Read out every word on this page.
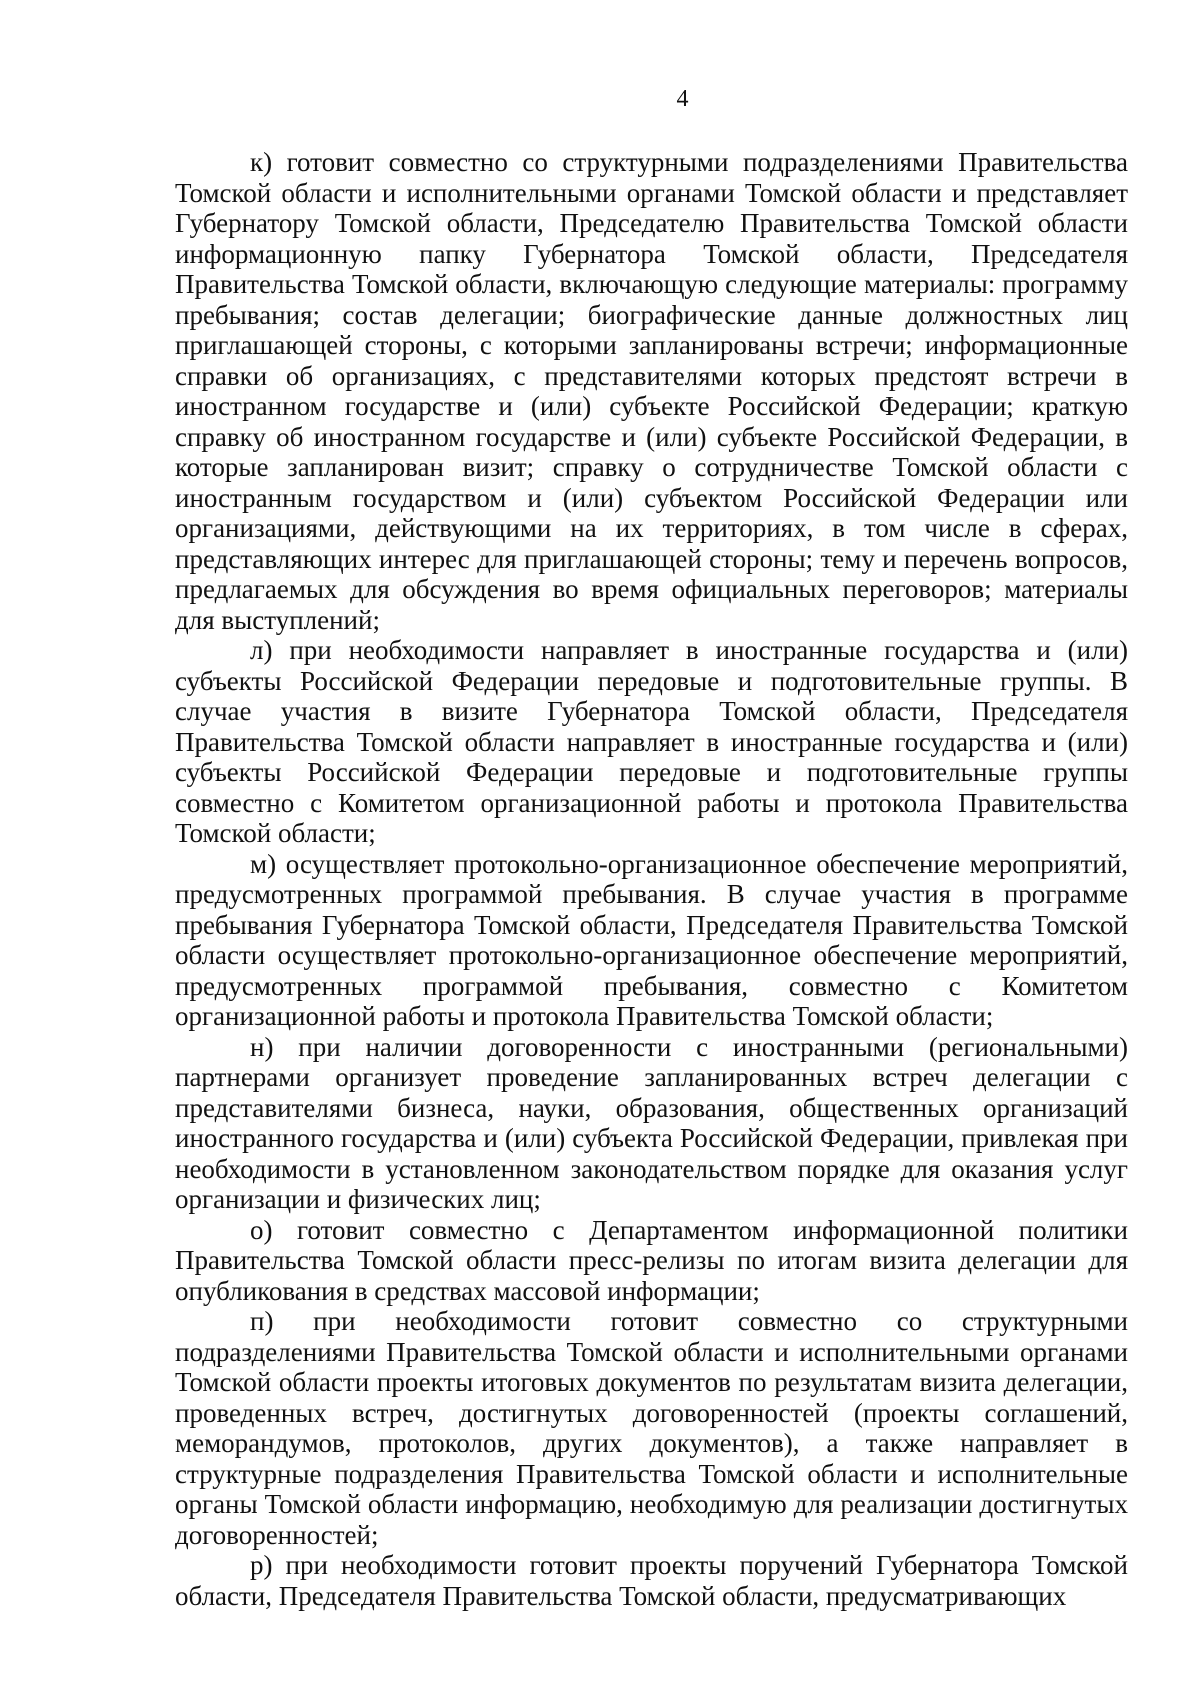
4

к) готовит совместно со структурными подразделениями Правительства Томской области и исполнительными органами Томской области и представляет Губернатору Томской области, Председателю Правительства Томской области информационную папку Губернатора Томской области, Председателя Правительства Томской области, включающую следующие материалы: программу пребывания; состав делегации; биографические данные должностных лиц приглашающей стороны, с которыми запланированы встречи; информационные справки об организациях, с представителями которых предстоят встречи в иностранном государстве и (или) субъекте Российской Федерации; краткую справку об иностранном государстве и (или) субъекте Российской Федерации, в которые запланирован визит; справку о сотрудничестве Томской области с иностранным государством и (или) субъектом Российской Федерации или организациями, действующими на их территориях, в том числе в сферах, представляющих интерес для приглашающей стороны; тему и перечень вопросов, предлагаемых для обсуждения во время официальных переговоров; материалы для выступлений;

л) при необходимости направляет в иностранные государства и (или) субъекты Российской Федерации передовые и подготовительные группы. В случае участия в визите Губернатора Томской области, Председателя Правительства Томской области направляет в иностранные государства и (или) субъекты Российской Федерации передовые и подготовительные группы совместно с Комитетом организационной работы и протокола Правительства Томской области;

м) осуществляет протокольно-организационное обеспечение мероприятий, предусмотренных программой пребывания. В случае участия в программе пребывания Губернатора Томской области, Председателя Правительства Томской области осуществляет протокольно-организационное обеспечение мероприятий, предусмотренных программой пребывания, совместно с Комитетом организационной работы и протокола Правительства Томской области;

н) при наличии договоренности с иностранными (региональными) партнерами организует проведение запланированных встреч делегации с представителями бизнеса, науки, образования, общественных организаций иностранного государства и (или) субъекта Российской Федерации, привлекая при необходимости в установленном законодательством порядке для оказания услуг организации и физических лиц;

о) готовит совместно с Департаментом информационной политики Правительства Томской области пресс-релизы по итогам визита делегации для опубликования в средствах массовой информации;

п) при необходимости готовит совместно со структурными подразделениями Правительства Томской области и исполнительными органами Томской области проекты итоговых документов по результатам визита делегации, проведенных встреч, достигнутых договоренностей (проекты соглашений, меморандумов, протоколов, других документов), а также направляет в структурные подразделения Правительства Томской области и исполнительные органы Томской области информацию, необходимую для реализации достигнутых договоренностей;

р) при необходимости готовит проекты поручений Губернатора Томской области, Председателя Правительства Томской области, предусматривающих
